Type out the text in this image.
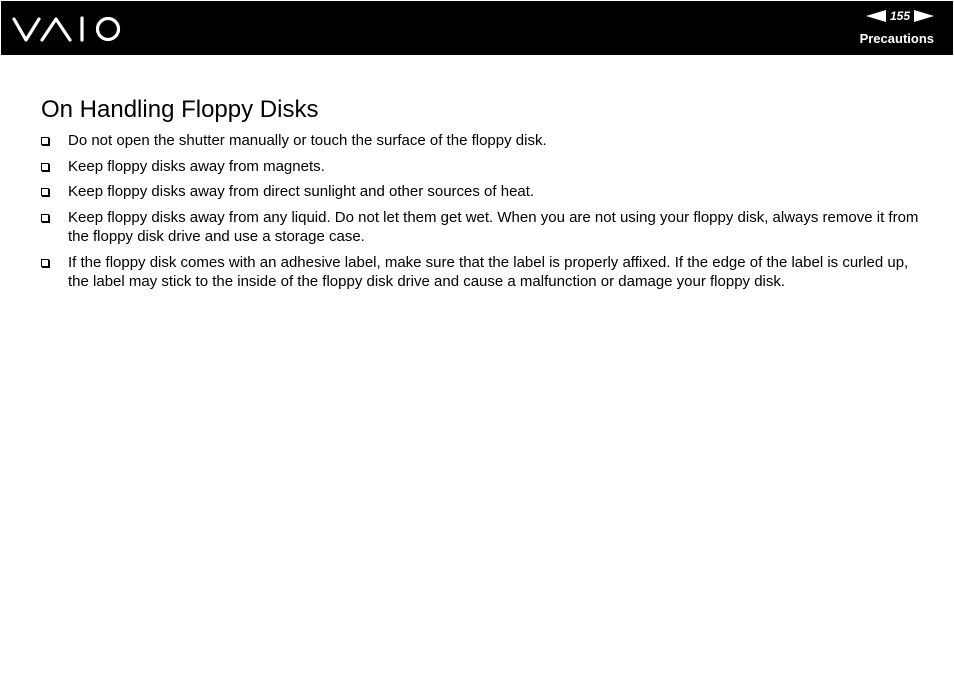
155
Precautions
On Handling Floppy Disks
Do not open the shutter manually or touch the surface of the floppy disk.
Keep floppy disks away from magnets.
Keep floppy disks away from direct sunlight and other sources of heat.
Keep floppy disks away from any liquid. Do not let them get wet. When you are not using your floppy disk, always remove it from the floppy disk drive and use a storage case.
If the floppy disk comes with an adhesive label, make sure that the label is properly affixed. If the edge of the label is curled up, the label may stick to the inside of the floppy disk drive and cause a malfunction or damage your floppy disk.
